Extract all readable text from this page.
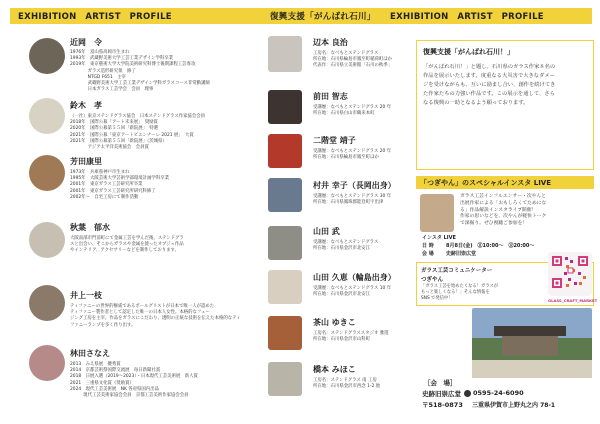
EXHIBITION　ARTIST　PROFILE
近岡　令
1976年　富山県高岡市生まれ
1993年　武蔵野美術大学工芸工業デザイン学科卒業
2019年　東京藝術大学大学院美術研究科博士後期課程工芸専攻
　　　　ガラス造形研究領　修了
　　　　NTGD F651　主宰
　　　　武蔵野美術大学工芸工業デザイン学科ガラスコース非常勤講師
　　　　日本ガラス工芸学会　会員　理事
鈴木　孝
（一社）東京ステンドグラス協会　日本ステンドグラス作家協会会員
2018年　国際公募「アート未来展」　奨励賞
2020年　国際公募第５５回「新院展」　特選
2021年　国際公募「東京アートビエンナーレ 2021 展」　大賞
2021年　国際公募第５５回「新院展」（茨城県）
　　　　アジア太平洋美術協会　会員賞
芳田康里
1973年　兵庫県神戸市生まれ
1995年　大阪芸術大学芸術学部環境計画学科卒業
2001年　東京ガラス工芸研究所卒業　
2001年　東京ガラス工芸研究所研究科修了
2002年～　自宅工房にて制作活動
秋葉　郁水
大阪南部市門前町にて金属工芸を学んだ後、ステンドグラ
スと出会い、そこからガラスや金属を使ったオブジェ作品
やインテリア、アクセサリーなどを制作しております。
井上一枝
ティファニーの世界的権威であるボールグリストが日本で唯一人が認めた
ティファニー製作者として認定した唯一の日本人女性。本格的なフュー
ジング工房を主宰。作品をガラスにこだわり、透明の正統な技術を伝えた本格的なティ
ファニーランプを多く作り出す。
林田さなえ
2013　みえ県展　優秀賞
2014　京都芸術祭国際交流展　毎日新聞社賞
2018　日展入選（2019～2023）・日本現代工芸美術展　新人賞
2021　三重県文化賞（奨励賞）
2024　現代工芸美術展　NK 各府県国内出品
　　　現代工芸美術家協会会員　京都工芸美術作家協会会員
復興支援「がんばれ石川」 EXHIBITION　ARTIST　PROFILE
辺本 良治
工房名：なべもとステンドグラス
所在地：石川県輪島市鳳至町稲荷町ほか
代表作：石川県立美術館「石川の秋季」
前田 智志
受講歴：なべもとステンドグラス 20 年
所在地：石川県白山市鶴来本町
二階堂 靖子
受講歴：なべもとステンドグラス 20 年
所在地：石川県輪島市鳳至町ほか
村井 幸子（長岡出身）
受講歴：なべもとステンドグラス 30 年
所在地：石川県鳳珠郡能登町宇出津
山田 武
受講歴：なべもとステンドグラス
所在地：石川県金沢市北安江
山田 久恵（輪島出身）
受講歴：なべもとステンドグラス 10 年
所在地：石川県金沢市北安江
茶山 ゆきこ
工房名：ステンドグラススタジオ 雅遊
所在地：石川県金沢市山科町
橋本 みほこ
工房名：ステンドグラス 南 工房
所在地：石川県金沢市西念 1-2 他
復興支援「がんばれ石川！」
「がんばれ石川！」と題し、石川県のガラス作家８名の
作品を展示いたします。度重なる大災害で大きなダメー
ジを受けながらも、互いに励まし合い、創作を続けてき
た作家たちの力強い作品です。この展示を通して、さら
なる復興の一助となるよう願っております。
「つぎやん」のスペシャルインスタ LIVE
ガラス工芸インフルエンサー・次やんと
出展作家による「おもしろくてためにな
る」作品解説インスタライブ開催！
作家の思いなどを、次やんが軽快トーク
で深掘り。ぜひ視聴ご参加を！
インスタ LIVE
日 時 8月8日(金)　⑪10:00～　⑫20:00～
会 場 史跡旧崇広堂
ガラス工芸コミュニケーター
つぎやん
「ガラス工芸を始めたくなる！ガラスが
もっと楽しくなる！」そんな情報を
SNS で発信中！	GLASS_CRAFT_MARKET
［会　場］
史跡旧崇広堂 0595-24-6090
〒518-0873 三重県伊賀市上野丸之内 78-1
